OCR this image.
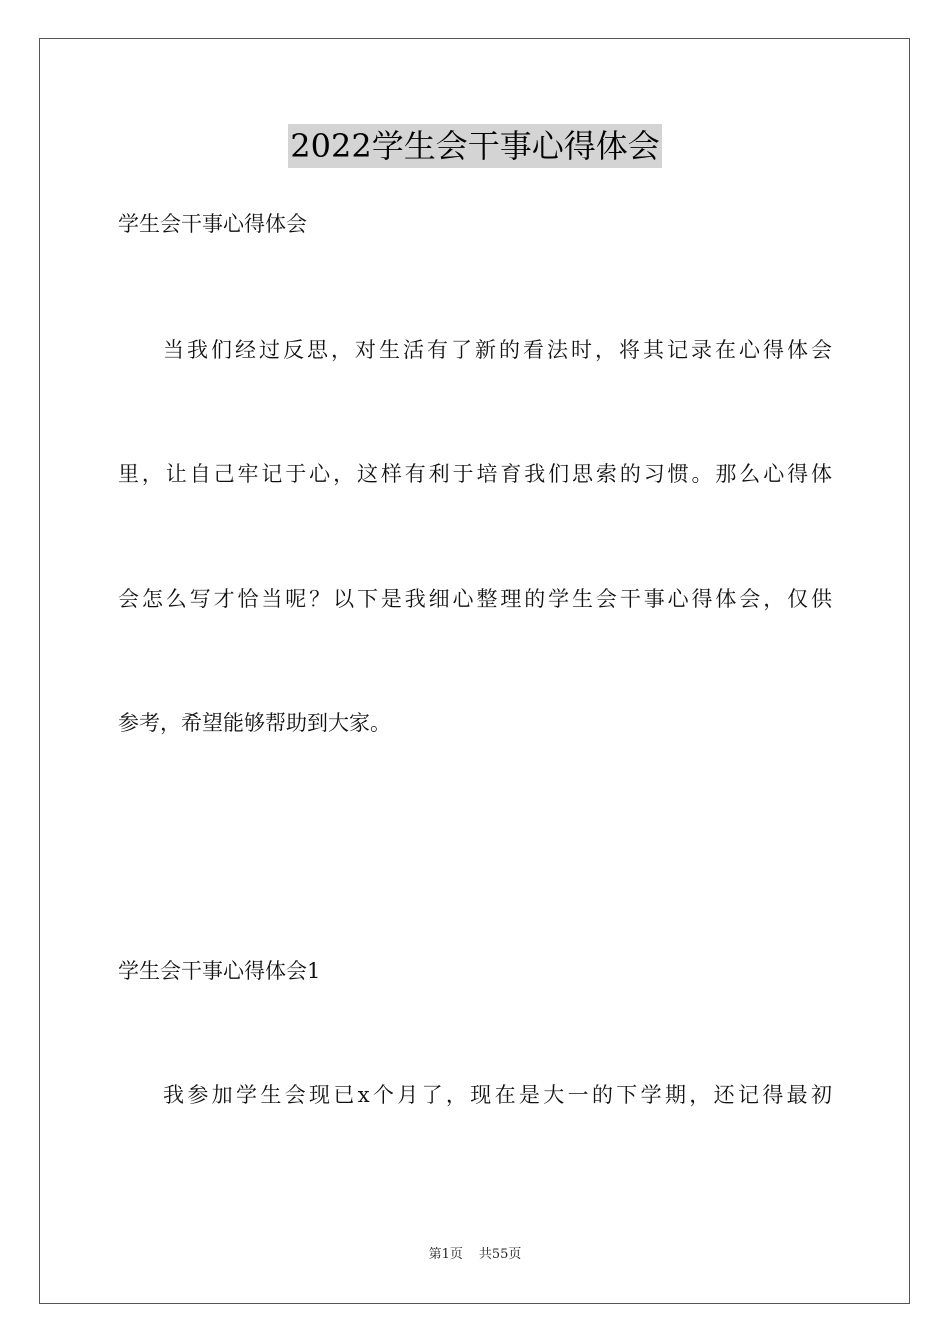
2022学生会干事心得体会
学生会干事心得体会
当我们经过反思，对生活有了新的看法时，将其记录在心得体会
里，让自己牢记于心，这样有利于培育我们思索的习惯。那么心得体
会怎么写才恰当呢？以下是我细心整理的学生会干事心得体会，仅供
参考，希望能够帮助到大家。
学生会干事心得体会1
我参加学生会现已x个月了，现在是大一的下学期，还记得最初
第1页 共55页
